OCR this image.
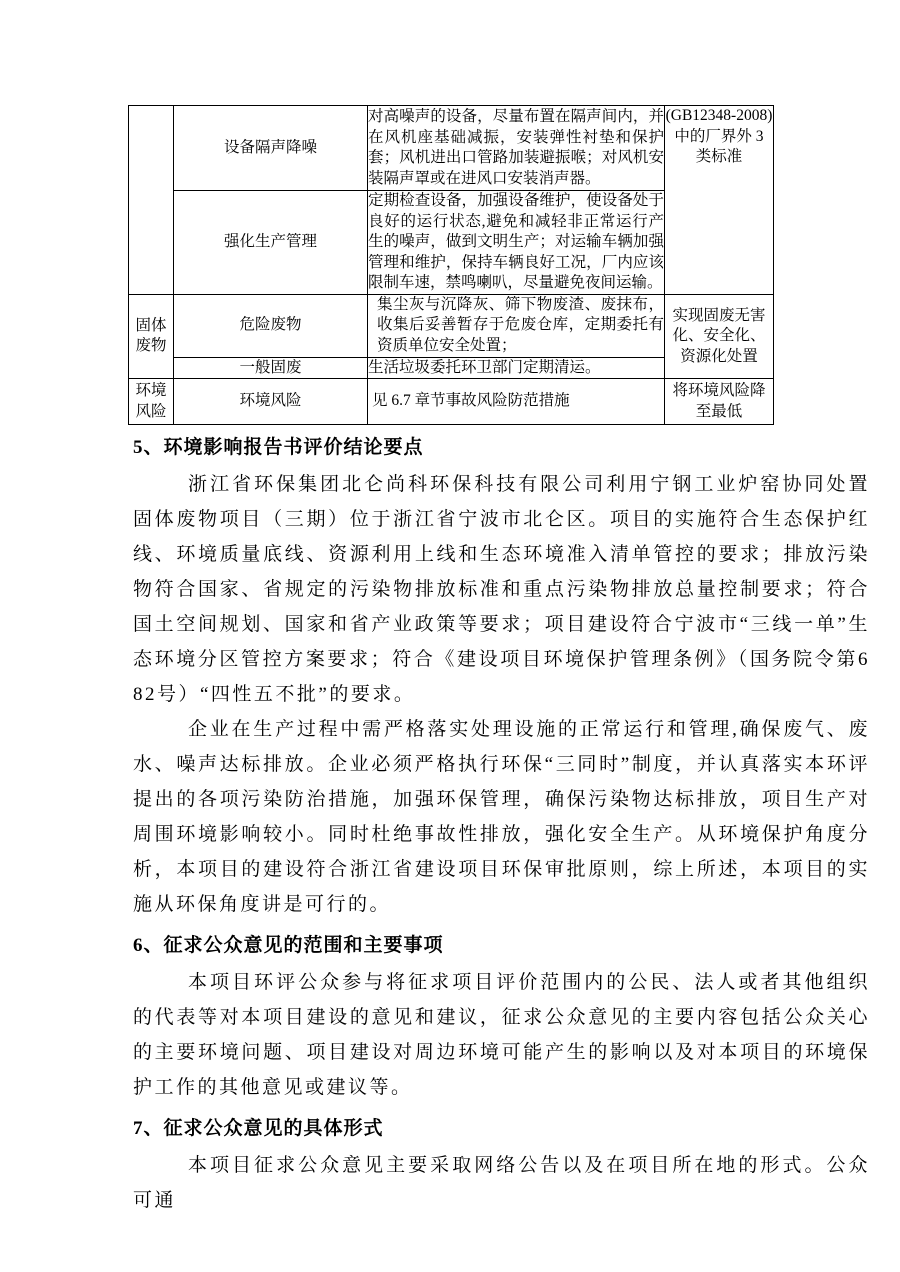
	设备隔声降噪	对高噪声的设备，尽量布置在隔声间内，并在风机座基础减振，安装弹性衬垫和保护套；风机进出口管路加装避振喉；对风机安装隔声罩或在进风口安装消声器。	(GB12348-2008)中的厂界外 3 类标准
	强化生产管理	定期检查设备，加强设备维护，使设备处于良好的运行状态,避免和减轻非正常运行产生的噪声，做到文明生产；对运输车辆加强管理和维护，保持车辆良好工况，厂内应该限制车速，禁鸣喇叭，尽量避免夜间运输。	
固体废物	危险废物	集尘灰与沉降灰、筛下物废渣、废抹布，收集后妥善暂存于危废仓库，定期委托有资质单位安全处置；	实现固废无害化、安全化、资源化处置
	一般固废	生活垃圾委托环卫部门定期清运。	
环境风险	环境风险	见 6.7 章节事故风险防范措施	将环境风险降至最低
5、环境影响报告书评价结论要点

浙江省环保集团北仑尚科环保科技有限公司利用宁钢工业炉窑协同处置固体废物项目（三期）位于浙江省宁波市北仑区。项目的实施符合生态保护红线、环境质量底线、资源利用上线和生态环境准入清单管控的要求；排放污染物符合国家、省规定的污染物排放标准和重点污染物排放总量控制要求；符合国土空间规划、国家和省产业政策等要求；项目建设符合宁波市“三线一单”生态环境分区管控方案要求；符合《建设项目环境保护管理条例》（国务院令第682号）“四性五不批”的要求。

企业在生产过程中需严格落实处理设施的正常运行和管理,确保废气、废水、噪声达标排放。企业必须严格执行环保“三同时”制度，并认真落实本环评提出的各项污染防治措施，加强环保管理，确保污染物达标排放，项目生产对周围环境影响较小。同时杜绝事故性排放，强化安全生产。从环境保护角度分析，本项目的建设符合浙江省建设项目环保审批原则，综上所述，本项目的实施从环保角度讲是可行的。

6、征求公众意见的范围和主要事项

本项目环评公众参与将征求项目评价范围内的公民、法人或者其他组织的代表等对本项目建设的意见和建议，征求公众意见的主要内容包括公众关心的主要环境问题、项目建设对周边环境可能产生的影响以及对本项目的环境保护工作的其他意见或建议等。

7、征求公众意见的具体形式

本项目征求公众意见主要采取网络公告以及在项目所在地的形式。公众可通
